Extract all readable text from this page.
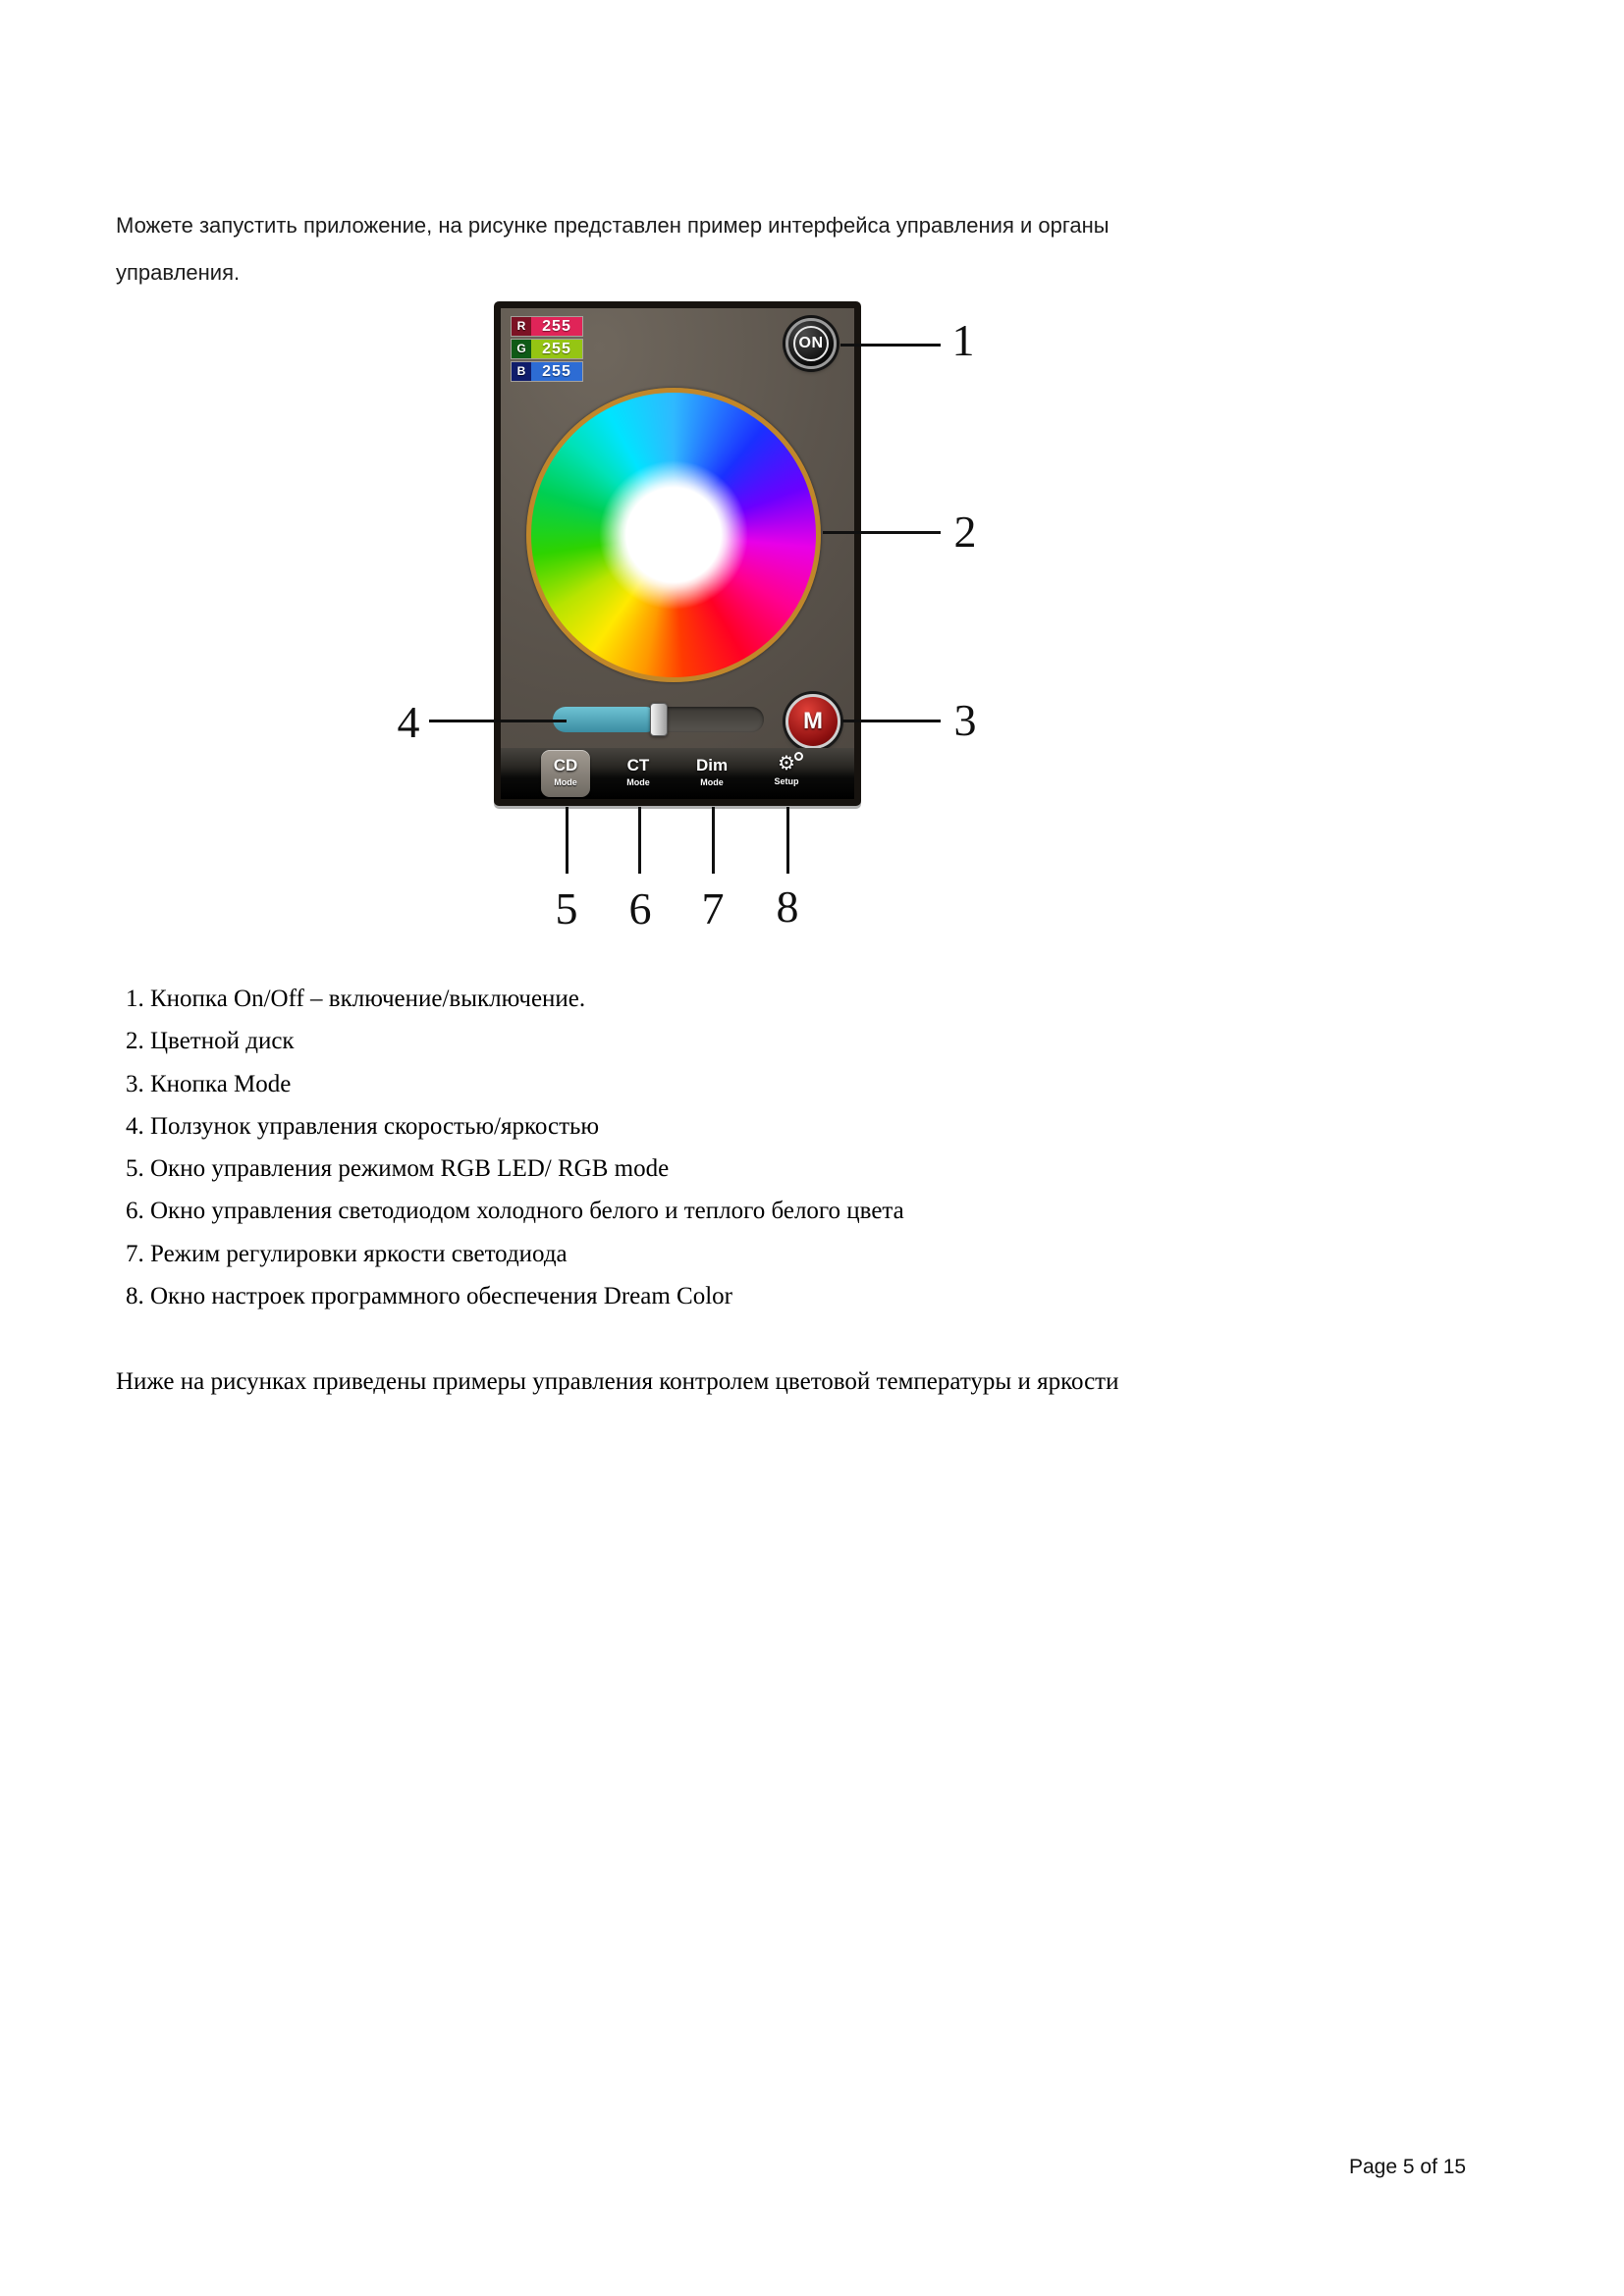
Можете запустить приложение, на рисунке представлен пример интерфейса управления и органы
управления.
R	255
G	255
B	255
ON
M
CD
Mode
CT
Mode
Dim
Mode
⚙
Setup
1
2
3
4
5 6 7 8
1. Кнопка On/Off – включение/выключение.
2. Цветной диск
3. Кнопка Mode
4. Ползунок управления скоростью/яркостью
5. Окно управления режимом RGB LED/ RGB mode
6. Окно управления светодиодом холодного белого и теплого белого цвета
7. Режим регулировки яркости светодиода
8. Окно настроек программного обеспечения Dream Color
Ниже на рисунках приведены примеры управления контролем цветовой температуры и яркости
Page 5 of 15
